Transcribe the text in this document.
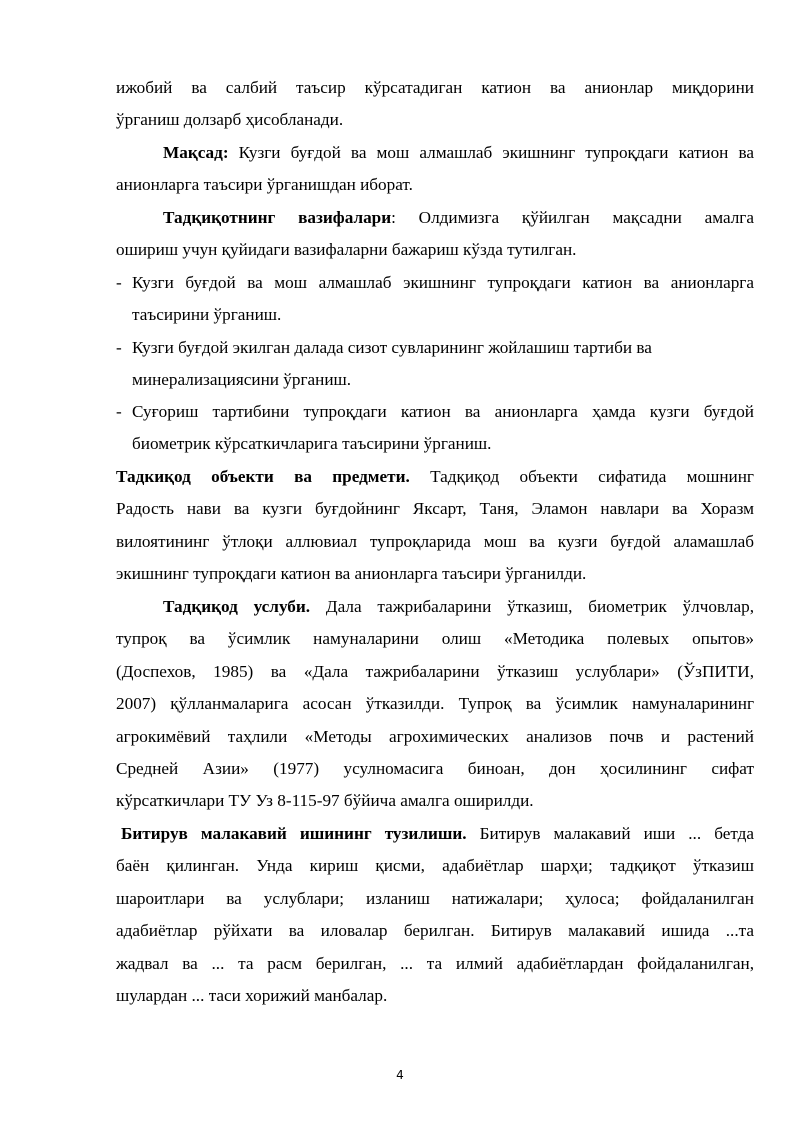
ижобий ва салбий таъсир кўрсатадиган катион ва анионлар миқдорини
ўрганиш долзарб ҳисобланади.
Мақсад: Кузги буғдой ва мош алмашлаб экишнинг тупроқдаги катион ва
анионларга таъсири ўрганишдан иборат.
Тадқиқотнинг вазифалари: Олдимизга қўйилган мақсадни амалга
ошириш учун қуйидаги вазифаларни бажариш кўзда тутилган.
- Кузги буғдой ва мош алмашлаб экишнинг тупроқдаги катион ва анионларга
таъсирини ўрганиш.
- Кузги буғдой экилган далада сизот сувларининг жойлашиш тартиби ва
минерализациясини ўрганиш.
- Суғориш тартибини тупроқдаги катион ва анионларга ҳамда кузги буғдой
биометрик кўрсаткичларига таъсирини ўрганиш.
Тадкиқод объекти ва предмети. Тадқиқод объекти сифатида мошнинг
Радость нави ва кузги буғдойнинг Яксарт, Таня, Эламон навлари ва Хоразм
вилоятининг ўтлоқи аллювиал тупроқларида мош ва кузги буғдой аламашлаб
экишнинг тупроқдаги катион ва анионларга таъсири ўрганилди.
Тадқиқод услуби. Дала тажрибаларини ўтказиш, биометрик ўлчовлар,
тупроқ ва ўсимлик намуналарини олиш «Методика полевых опытов»
(Доспехов, 1985) ва «Дала тажрибаларини ўтказиш услублари» (ЎзПИТИ,
2007) қўлланмаларига асосан ўтказилди. Тупроқ ва ўсимлик намуналарининг
агрокимёвий таҳлили «Методы агрохимических анализов почв и растений
Средней Азии» (1977) усулномасига биноан, дон ҳосилининг сифат
кўрсаткичлари ТУ Уз 8-115-97 бўйича амалга оширилди.
Битирув малакавий ишининг тузилиши. Битирув малакавий иши ... бетда
баён қилинган. Унда кириш қисми, адабиётлар шарҳи; тадқиқот ўтказиш
шароитлари ва услублари; изланиш натижалари; ҳулоса; фойдаланилган
адабиётлар рўйхати ва иловалар берилган. Битирув малакавий ишида ...та
жадвал ва ... та расм берилган, ... та илмий адабиётлардан фойдаланилган,
шулардан ... таси хорижий манбалар.
4
